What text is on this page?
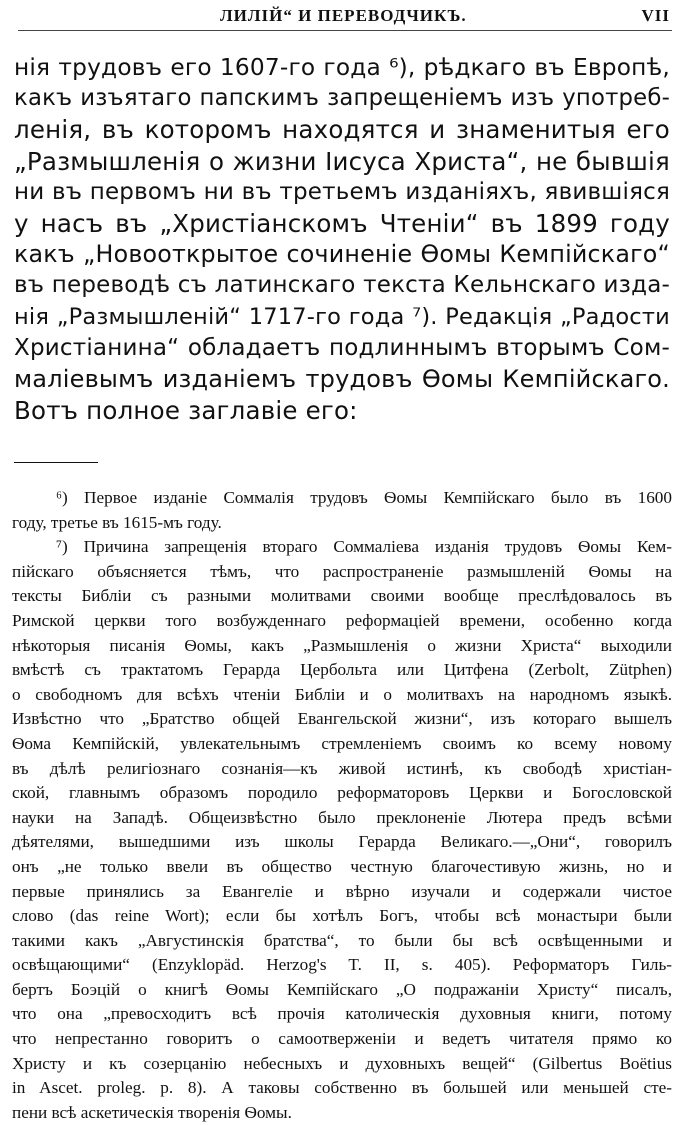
ЛИЛІЙ“ И ПЕРЕВОДЧИКЪ.	VII
нія трудовъ его 1607-го года ⁶), рѣдкаго въ Европѣ,
какъ изъятаго папскимъ запрещеніемъ изъ употреб-
ленія, въ которомъ находятся и знаменитыя его
„Размышленія о жизни Іисуса Христа“, не бывшія
ни въ первомъ ни въ третьемъ изданіяхъ, явившіяся
у насъ въ „Христіанскомъ Чтеніи“ въ 1899 году
какъ „Новооткрытое сочиненіе Ѳомы Кемпійскаго“
въ переводѣ съ латинскаго текста Кельнскаго изда-
нія „Размышленій“ 1717-го года ⁷). Редакція „Радости
Христіанина“ обладаетъ подлиннымъ вторымъ Сом-
маліевымъ изданіемъ трудовъ Ѳомы Кемпійскаго.
Вотъ полное заглавіе его:
⁶) Первое изданіе Соммалія трудовъ Ѳомы Кемпійскаго было въ 1600
году, третье въ 1615-мъ году.
⁷) Причина запрещенія втораго Соммаліева изданія трудовъ Ѳомы Кем-
пійскаго объясняется тѣмъ, что распространеніе размышленій Ѳомы на
тексты Библіи съ разными молитвами своими вообще преслѣдовалось въ
Римской церкви того возбужденнаго реформаціей времени, особенно когда
нѣкоторыя писанія Ѳомы, какъ „Размышленія о жизни Христа“ выходили
вмѣстѣ съ трактатомъ Герарда Цербольта или Цитфена (Zerbolt, Zütphen)
о свободномъ для всѣхъ чтеніи Библіи и о молитвахъ на народномъ языкѣ.
Извѣстно что „Братство общей Евангельской жизни“, изъ котораго вышелъ
Ѳома Кемпійскій, увлекательнымъ стремленіемъ своимъ ко всему новому
въ дѣлѣ религіознаго сознанія—къ живой истинѣ, къ свободѣ христіан-
ской, главнымъ образомъ породило реформаторовъ Церкви и Богословской
науки на Западѣ. Общеизвѣстно было преклоненіе Лютера предъ всѣми
дѣятелями, вышедшими изъ школы Герарда Великаго.—„Они“, говорилъ
онъ „не только ввели въ общество честную благочестивую жизнь, но и
первые принялись за Евангеліе и вѣрно изучали и содержали чистое
слово (das reine Wort); если бы хотѣлъ Богъ, чтобы всѣ монастыри были
такими какъ „Августинскія братства“, то были бы всѣ освѣщенными и
освѣщающими“ (Enzyklopäd. Herzog's T. II, s. 405). Реформаторъ Гиль-
бертъ Боэцій о книгѣ Ѳомы Кемпійскаго „О подражаніи Христу“ писалъ,
что она „превосходитъ всѣ прочія католическія духовныя книги, потому
что непрестанно говоритъ о самоотверженіи и ведетъ читателя прямо ко
Христу и къ созерцанію небесныхъ и духовныхъ вещей“ (Gilbertus Boëtius
in Ascet. proleg. p. 8). А таковы собственно въ большей или меньшей сте-
пени всѣ аскетическія творенія Ѳомы.
